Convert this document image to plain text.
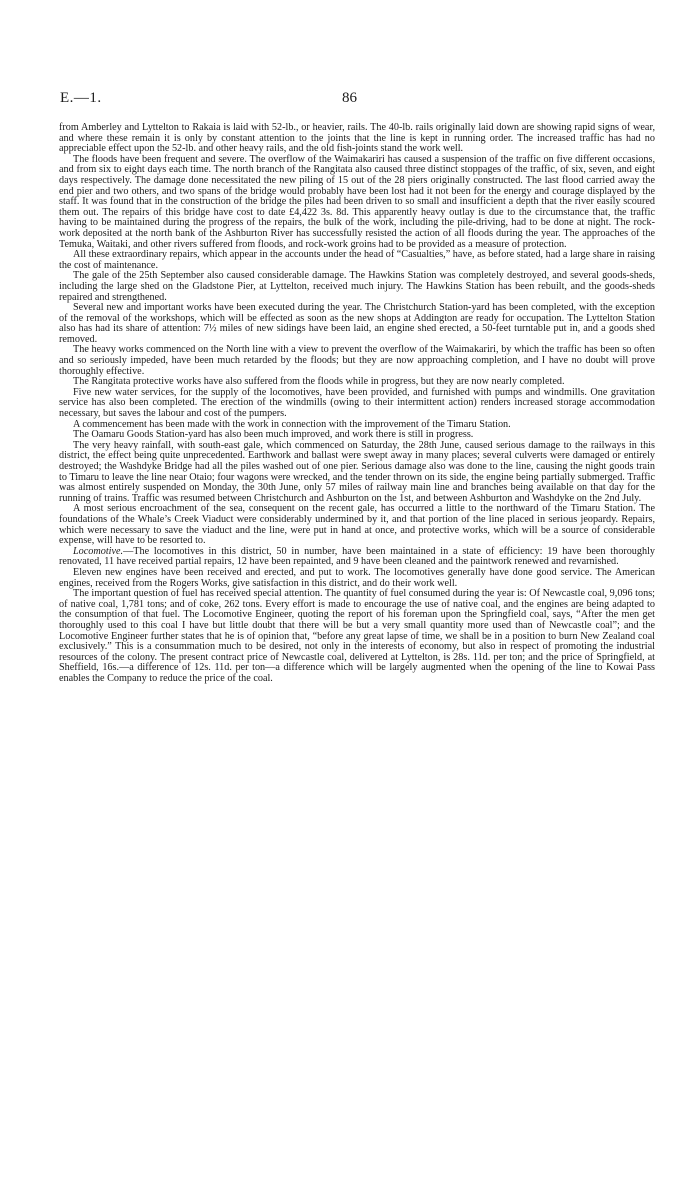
E.—1.	86

from Amberley and Lyttelton to Rakaia is laid with 52-lb., or heavier, rails. The 40-lb. rails originally laid down are showing rapid signs of wear, and where these remain it is only by constant attention to the joints that the line is kept in running order. The increased traffic has had no appreciable effect upon the 52-lb. and other heavy rails, and the old fish-joints stand the work well.

The floods have been frequent and severe. The overflow of the Waimakariri has caused a suspension of the traffic on five different occasions, and from six to eight days each time. The north branch of the Rangitata also caused three distinct stoppages of the traffic, of six, seven, and eight days respectively. The damage done necessitated the new piling of 15 out of the 28 piers originally constructed. The last flood carried away the end pier and two others, and two spans of the bridge would probably have been lost had it not been for the energy and courage displayed by the staff. It was found that in the construction of the bridge the piles had been driven to so small and insufficient a depth that the river easily scoured them out. The repairs of this bridge have cost to date £4,422 3s. 8d. This apparently heavy outlay is due to the circumstance that, the traffic having to be maintained during the progress of the repairs, the bulk of the work, including the pile-driving, had to be done at night. The rock-work deposited at the north bank of the Ashburton River has successfully resisted the action of all floods during the year. The approaches of the Temuka, Waitaki, and other rivers suffered from floods, and rock-work groins had to be provided as a measure of protection.

All these extraordinary repairs, which appear in the accounts under the head of “Casualties,” have, as before stated, had a large share in raising the cost of maintenance.

The gale of the 25th September also caused considerable damage. The Hawkins Station was completely destroyed, and several goods-sheds, including the large shed on the Gladstone Pier, at Lyttelton, received much injury. The Hawkins Station has been rebuilt, and the goods-sheds repaired and strengthened.

Several new and important works have been executed during the year. The Christchurch Station-yard has been completed, with the exception of the removal of the workshops, which will be effected as soon as the new shops at Addington are ready for occupation. The Lyttelton Station also has had its share of attention: 7½ miles of new sidings have been laid, an engine shed erected, a 50-feet turntable put in, and a goods shed removed.

The heavy works commenced on the North line with a view to prevent the overflow of the Waimakariri, by which the traffic has been so often and so seriously impeded, have been much retarded by the floods; but they are now approaching completion, and I have no doubt will prove thoroughly effective.

The Rangitata protective works have also suffered from the floods while in progress, but they are now nearly completed.

Five new water services, for the supply of the locomotives, have been provided, and furnished with pumps and windmills. One gravitation service has also been completed. The erection of the windmills (owing to their intermittent action) renders increased storage accommodation necessary, but saves the labour and cost of the pumpers.

A commencement has been made with the work in connection with the improvement of the Timaru Station.

The Oamaru Goods Station-yard has also been much improved, and work there is still in progress.

The very heavy rainfall, with south-east gale, which commenced on Saturday, the 28th June, caused serious damage to the railways in this district, the effect being quite unprecedented. Earthwork and ballast were swept away in many places; several culverts were damaged or entirely destroyed; the Washdyke Bridge had all the piles washed out of one pier. Serious damage also was done to the line, causing the night goods train to Timaru to leave the line near Otaio; four wagons were wrecked, and the tender thrown on its side, the engine being partially submerged. Traffic was almost entirely suspended on Monday, the 30th June, only 57 miles of railway main line and branches being available on that day for the running of trains. Traffic was resumed between Christchurch and Ashburton on the 1st, and between Ashburton and Washdyke on the 2nd July.

A most serious encroachment of the sea, consequent on the recent gale, has occurred a little to the northward of the Timaru Station. The foundations of the Whale’s Creek Viaduct were considerably undermined by it, and that portion of the line placed in serious jeopardy. Repairs, which were necessary to save the viaduct and the line, were put in hand at once, and protective works, which will be a source of considerable expense, will have to be resorted to.

Locomotive.—The locomotives in this district, 50 in number, have been maintained in a state of efficiency: 19 have been thoroughly renovated, 11 have received partial repairs, 12 have been repainted, and 9 have been cleaned and the paintwork renewed and revarnished.

Eleven new engines have been received and erected, and put to work. The locomotives generally have done good service. The American engines, received from the Rogers Works, give satisfaction in this district, and do their work well.

The important question of fuel has received special attention. The quantity of fuel consumed during the year is: Of Newcastle coal, 9,096 tons; of native coal, 1,781 tons; and of coke, 262 tons. Every effort is made to encourage the use of native coal, and the engines are being adapted to the consumption of that fuel. The Locomotive Engineer, quoting the report of his foreman upon the Springfield coal, says, “After the men get thoroughly used to this coal I have but little doubt that there will be but a very small quantity more used than of Newcastle coal”; and the Locomotive Engineer further states that he is of opinion that, “before any great lapse of time, we shall be in a position to burn New Zealand coal exclusively.” This is a consummation much to be desired, not only in the interests of economy, but also in respect of promoting the industrial resources of the colony. The present contract price of Newcastle coal, delivered at Lyttelton, is 28s. 11d. per ton; and the price of Springfield, at Sheffield, 16s.—a difference of 12s. 11d. per ton—a difference which will be largely augmented when the opening of the line to Kowai Pass enables the Company to reduce the price of the coal.
